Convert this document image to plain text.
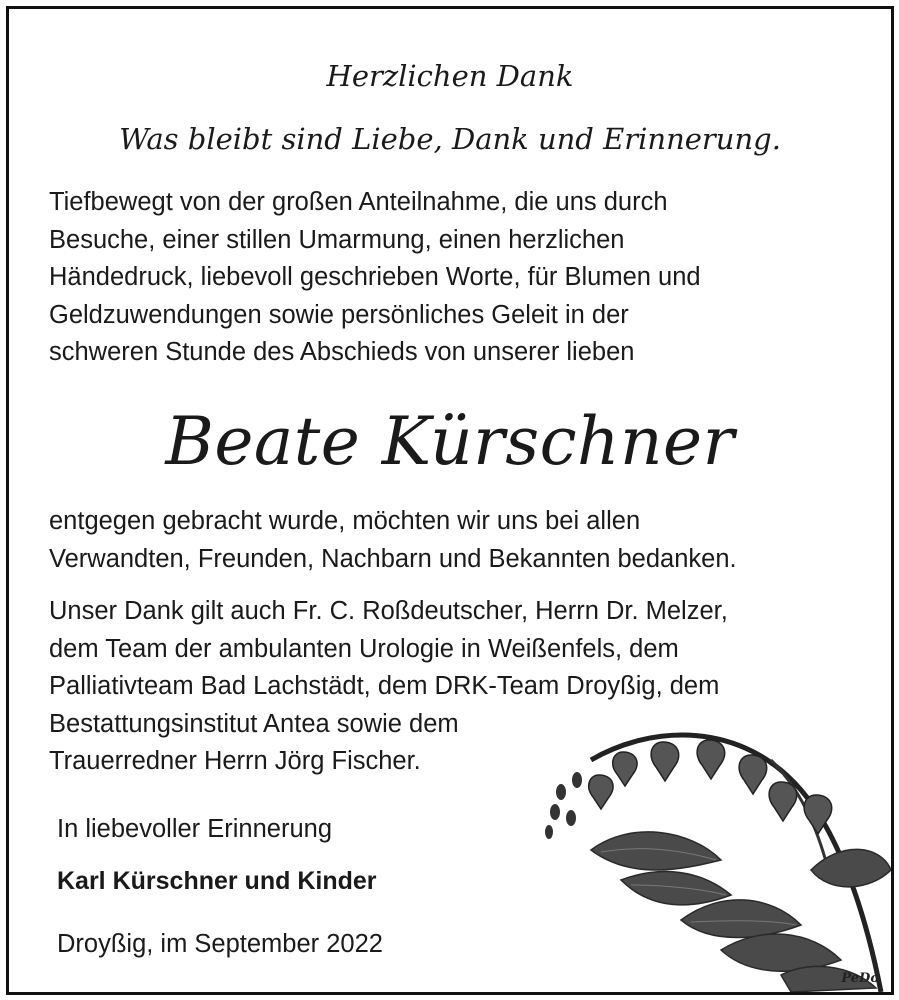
Herzlichen Dank
Was bleibt sind Liebe, Dank und Erinnerung.
Tiefbewegt von der großen Anteilnahme, die uns durch
Besuche, einer stillen Umarmung, einen herzlichen
Händedruck, liebevoll geschrieben Worte, für Blumen und
Geldzuwendungen sowie persönliches Geleit in der
schweren Stunde des Abschieds von unserer lieben
Beate Kürschner
entgegen gebracht wurde, möchten wir uns bei allen
Verwandten, Freunden, Nachbarn und Bekannten bedanken.
Unser Dank gilt auch Fr. C. Roßdeutscher, Herrn Dr. Melzer,
dem Team der ambulanten Urologie in Weißenfels, dem
Palliativteam Bad Lachstädt, dem DRK-Team Droyßig, dem
Bestattungsinstitut Antea sowie dem
Trauerredner Herrn Jörg Fischer.
In liebevoller Erinnerung
Karl Kürschner und Kinder
Droyßig, im September 2022
PeDo
